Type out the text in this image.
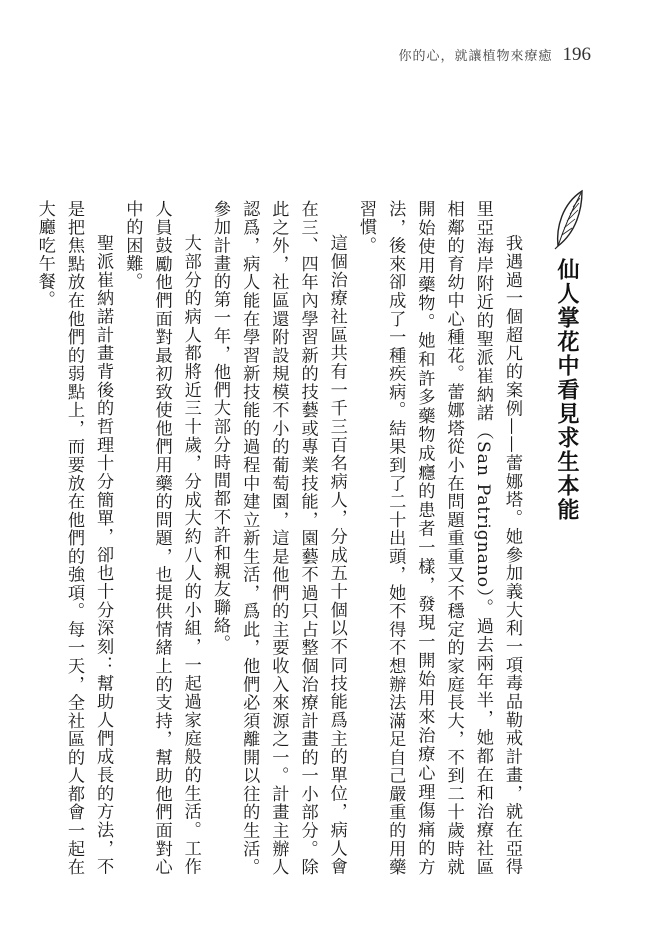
你的心，就讓植物來療癒 196
仙人掌花中看見求生本能

我遇過一個超凡的案例——蕾娜塔。她參加義大利一項毒品勒戒計畫，就在亞得里亞海岸附近的聖派崔納諾（San Patrignano）。過去兩年半，她都在和治療社區相鄰的育幼中心種花。蕾娜塔從小在問題重重又不穩定的家庭長大，不到二十歲時就開始使用藥物。她和許多藥物成癮的患者一樣，發現一開始用來治療心理傷痛的方法，後來卻成了一種疾病。結果到了二十出頭，她不得不想辦法滿足自己嚴重的用藥習慣。

這個治療社區共有一千三百名病人，分成五十個以不同技能爲主的單位，病人會在三、四年內學習新的技藝或專業技能，園藝不過只占整個治療計畫的一小部分。除此之外，社區還附設規模不小的葡萄園，這是他們的主要收入來源之一。計畫主辦人認爲，病人能在學習新技能的過程中建立新生活，爲此，他們必須離開以往的生活。參加計畫的第一年，他們大部分時間都不許和親友聯絡。

大部分的病人都將近三十歲，分成大約八人的小組，一起過家庭般的生活。工作人員鼓勵他們面對最初致使他們用藥的問題，也提供情緒上的支持，幫助他們面對心中的困難。

聖派崔納諾計畫背後的哲理十分簡單，卻也十分深刻：幫助人們成長的方法，不是把焦點放在他們的弱點上，而要放在他們的強項。每一天，全社區的人都會一起在大廳吃午餐。
